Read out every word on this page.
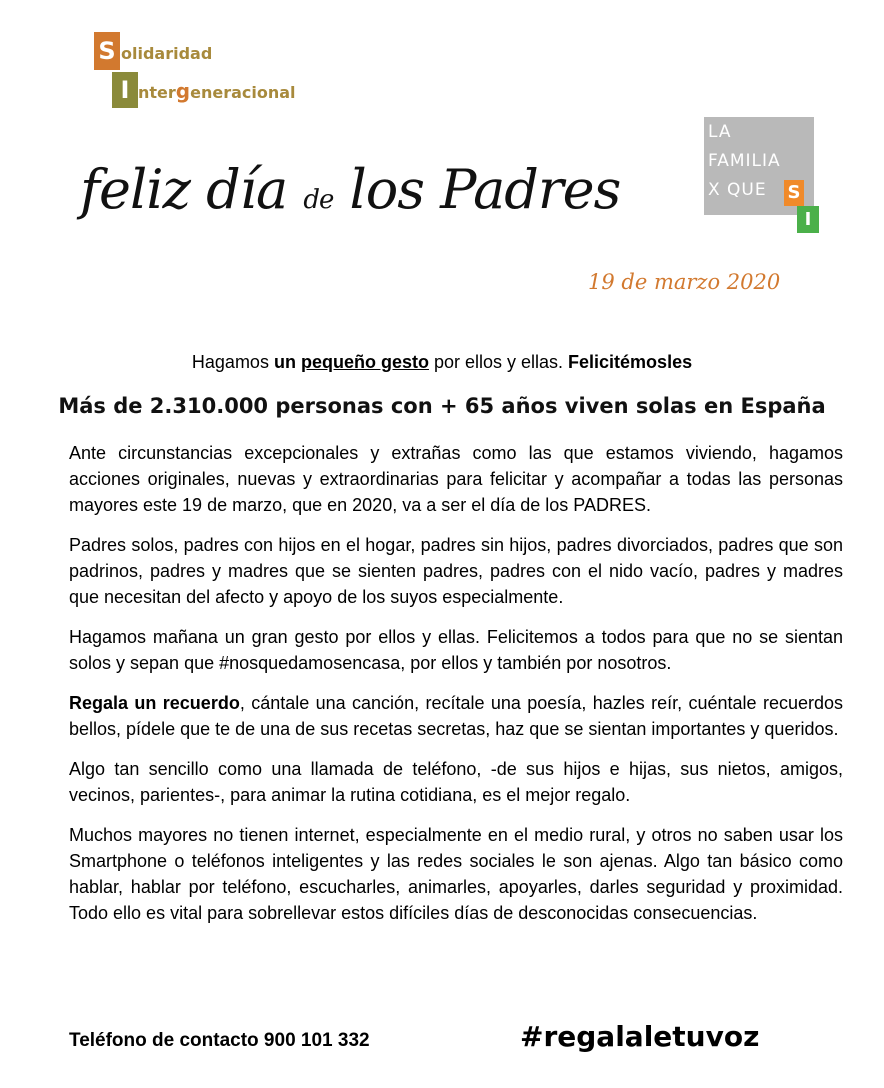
S olidaridad
I ntergeneracional
LA
FAMILIA
X QUE S
I
feliz día de los Padres
19 de marzo 2020
Hagamos un pequeño gesto por ellos y ellas. Felicitémosles
Más de 2.310.000 personas con + 65 años viven solas en España

Ante circunstancias excepcionales y extrañas como las que estamos viviendo, hagamos acciones originales, nuevas y extraordinarias para felicitar y acompañar a todas las personas mayores este 19 de marzo, que en 2020, va a ser el día de los PADRES.

Padres solos, padres con hijos en el hogar, padres sin hijos, padres divorciados, padres que son padrinos, padres y madres que se sienten padres, padres con el nido vacío, padres y madres que necesitan del afecto y apoyo de los suyos especialmente.

Hagamos mañana un gran gesto por ellos y ellas. Felicitemos a todos para que no se sientan solos y sepan que #nosquedamosencasa, por ellos y también por nosotros.

Regala un recuerdo, cántale una canción, recítale una poesía, hazles reír, cuéntale recuerdos bellos, pídele que te de una de sus recetas secretas, haz que se sientan importantes y queridos.

Algo tan sencillo como una llamada de teléfono, -de sus hijos e hijas, sus nietos, amigos, vecinos, parientes-, para animar la rutina cotidiana, es el mejor regalo.

Muchos mayores no tienen internet, especialmente en el medio rural, y otros no saben usar los Smartphone o teléfonos inteligentes y las redes sociales le son ajenas. Algo tan básico como hablar, hablar por teléfono, escucharles, animarles, apoyarles, darles seguridad y proximidad. Todo ello es vital para sobrellevar estos difíciles días de desconocidas consecuencias.

Teléfono de contacto 900 101 332	#regalaletuvoz
